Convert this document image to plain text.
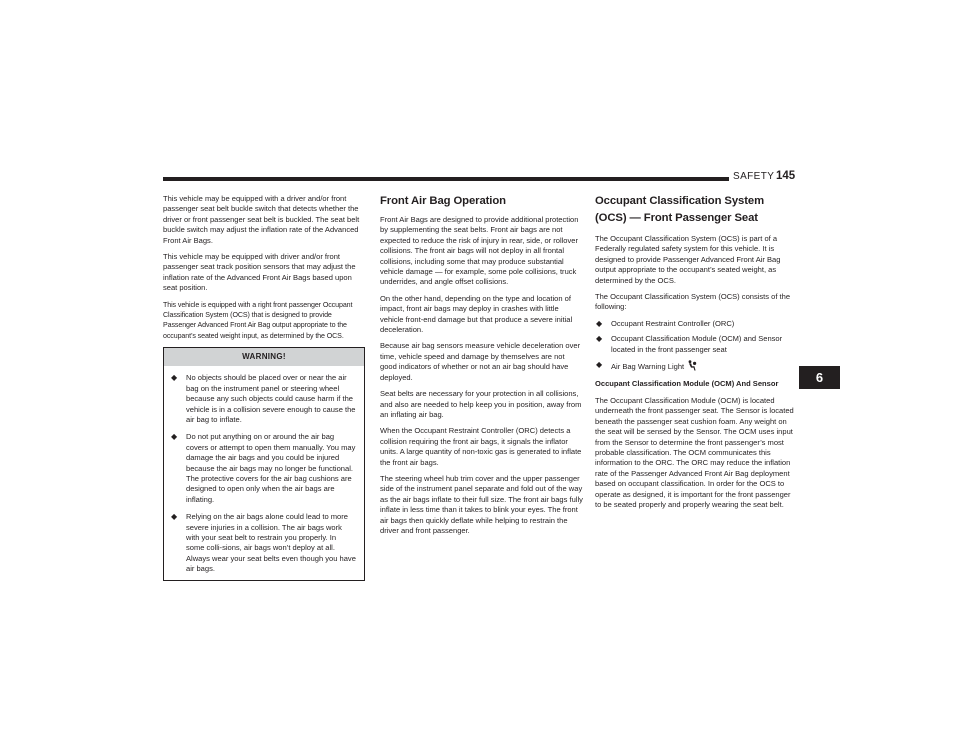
SAFETY 145

This vehicle may be equipped with a driver and/or front passenger seat belt buckle switch that detects whether the driver or front passenger seat belt is buckled. The seat belt buckle switch may adjust the inflation rate of the Advanced Front Air Bags.

This vehicle may be equipped with driver and/or front passenger seat track position sensors that may adjust the inflation rate of the Advanced Front Air Bags based upon seat position.

This vehicle is equipped with a right front passenger Occupant Classification System (OCS) that is designed to provide Passenger Advanced Front Air Bag output appropriate to the occupant’s seated weight input, as determined by the OCS.

WARNING!
◆ No objects should be placed over or near the air bag on the instrument panel or steering wheel because any such objects could cause harm if the vehicle is in a collision severe enough to cause the air bag to inflate.
◆ Do not put anything on or around the air bag covers or attempt to open them manually. You may damage the air bags and you could be injured because the air bags may no longer be functional. The protective covers for the air bag cushions are designed to open only when the air bags are inflating.
◆ Relying on the air bags alone could lead to more severe injuries in a collision. The air bags work with your seat belt to restrain you properly. In some colli-sions, air bags won’t deploy at all. Always wear your seat belts even though you have air bags.
Front Air Bag Operation

Front Air Bags are designed to provide additional protection by supplementing the seat belts. Front air bags are not expected to reduce the risk of injury in rear, side, or rollover collisions. The front air bags will not deploy in all frontal collisions, including some that may produce substantial vehicle damage — for example, some pole collisions, truck underrides, and angle offset collisions.

On the other hand, depending on the type and location of impact, front air bags may deploy in crashes with little vehicle front-end damage but that produce a severe initial deceleration.

Because air bag sensors measure vehicle deceleration over time, vehicle speed and damage by themselves are not good indicators of whether or not an air bag should have deployed.

Seat belts are necessary for your protection in all collisions, and also are needed to help keep you in position, away from an inflating air bag.

When the Occupant Restraint Controller (ORC) detects a collision requiring the front air bags, it signals the inflator units. A large quantity of non-toxic gas is generated to inflate the front air bags.

The steering wheel hub trim cover and the upper passenger side of the instrument panel separate and fold out of the way as the air bags inflate to their full size. The front air bags fully inflate in less time than it takes to blink your eyes. The front air bags then quickly deflate while helping to restrain the driver and front passenger.

Occupant Classification System (OCS) — Front Passenger Seat

The Occupant Classification System (OCS) is part of a Federally regulated safety system for this vehicle. It is designed to provide Passenger Advanced Front Air Bag output appropriate to the occupant’s seated weight, as determined by the OCS.

The Occupant Classification System (OCS) consists of the following:

◆ Occupant Restraint Controller (ORC)
◆ Occupant Classification Module (OCM) and Sensor located in the front passenger seat
◆ Air Bag Warning Light
Occupant Classification Module (OCM) And Sensor

The Occupant Classification Module (OCM) is located underneath the front passenger seat. The Sensor is located beneath the passenger seat cushion foam. Any weight on the seat will be sensed by the Sensor. The OCM uses input from the Sensor to determine the front passenger’s most probable classification. The OCM communicates this information to the ORC. The ORC may reduce the inflation rate of the Passenger Advanced Front Air Bag deployment based on occupant classification. In order for the OCS to operate as designed, it is important for the front passenger to be seated properly and properly wearing the seat belt.

6
